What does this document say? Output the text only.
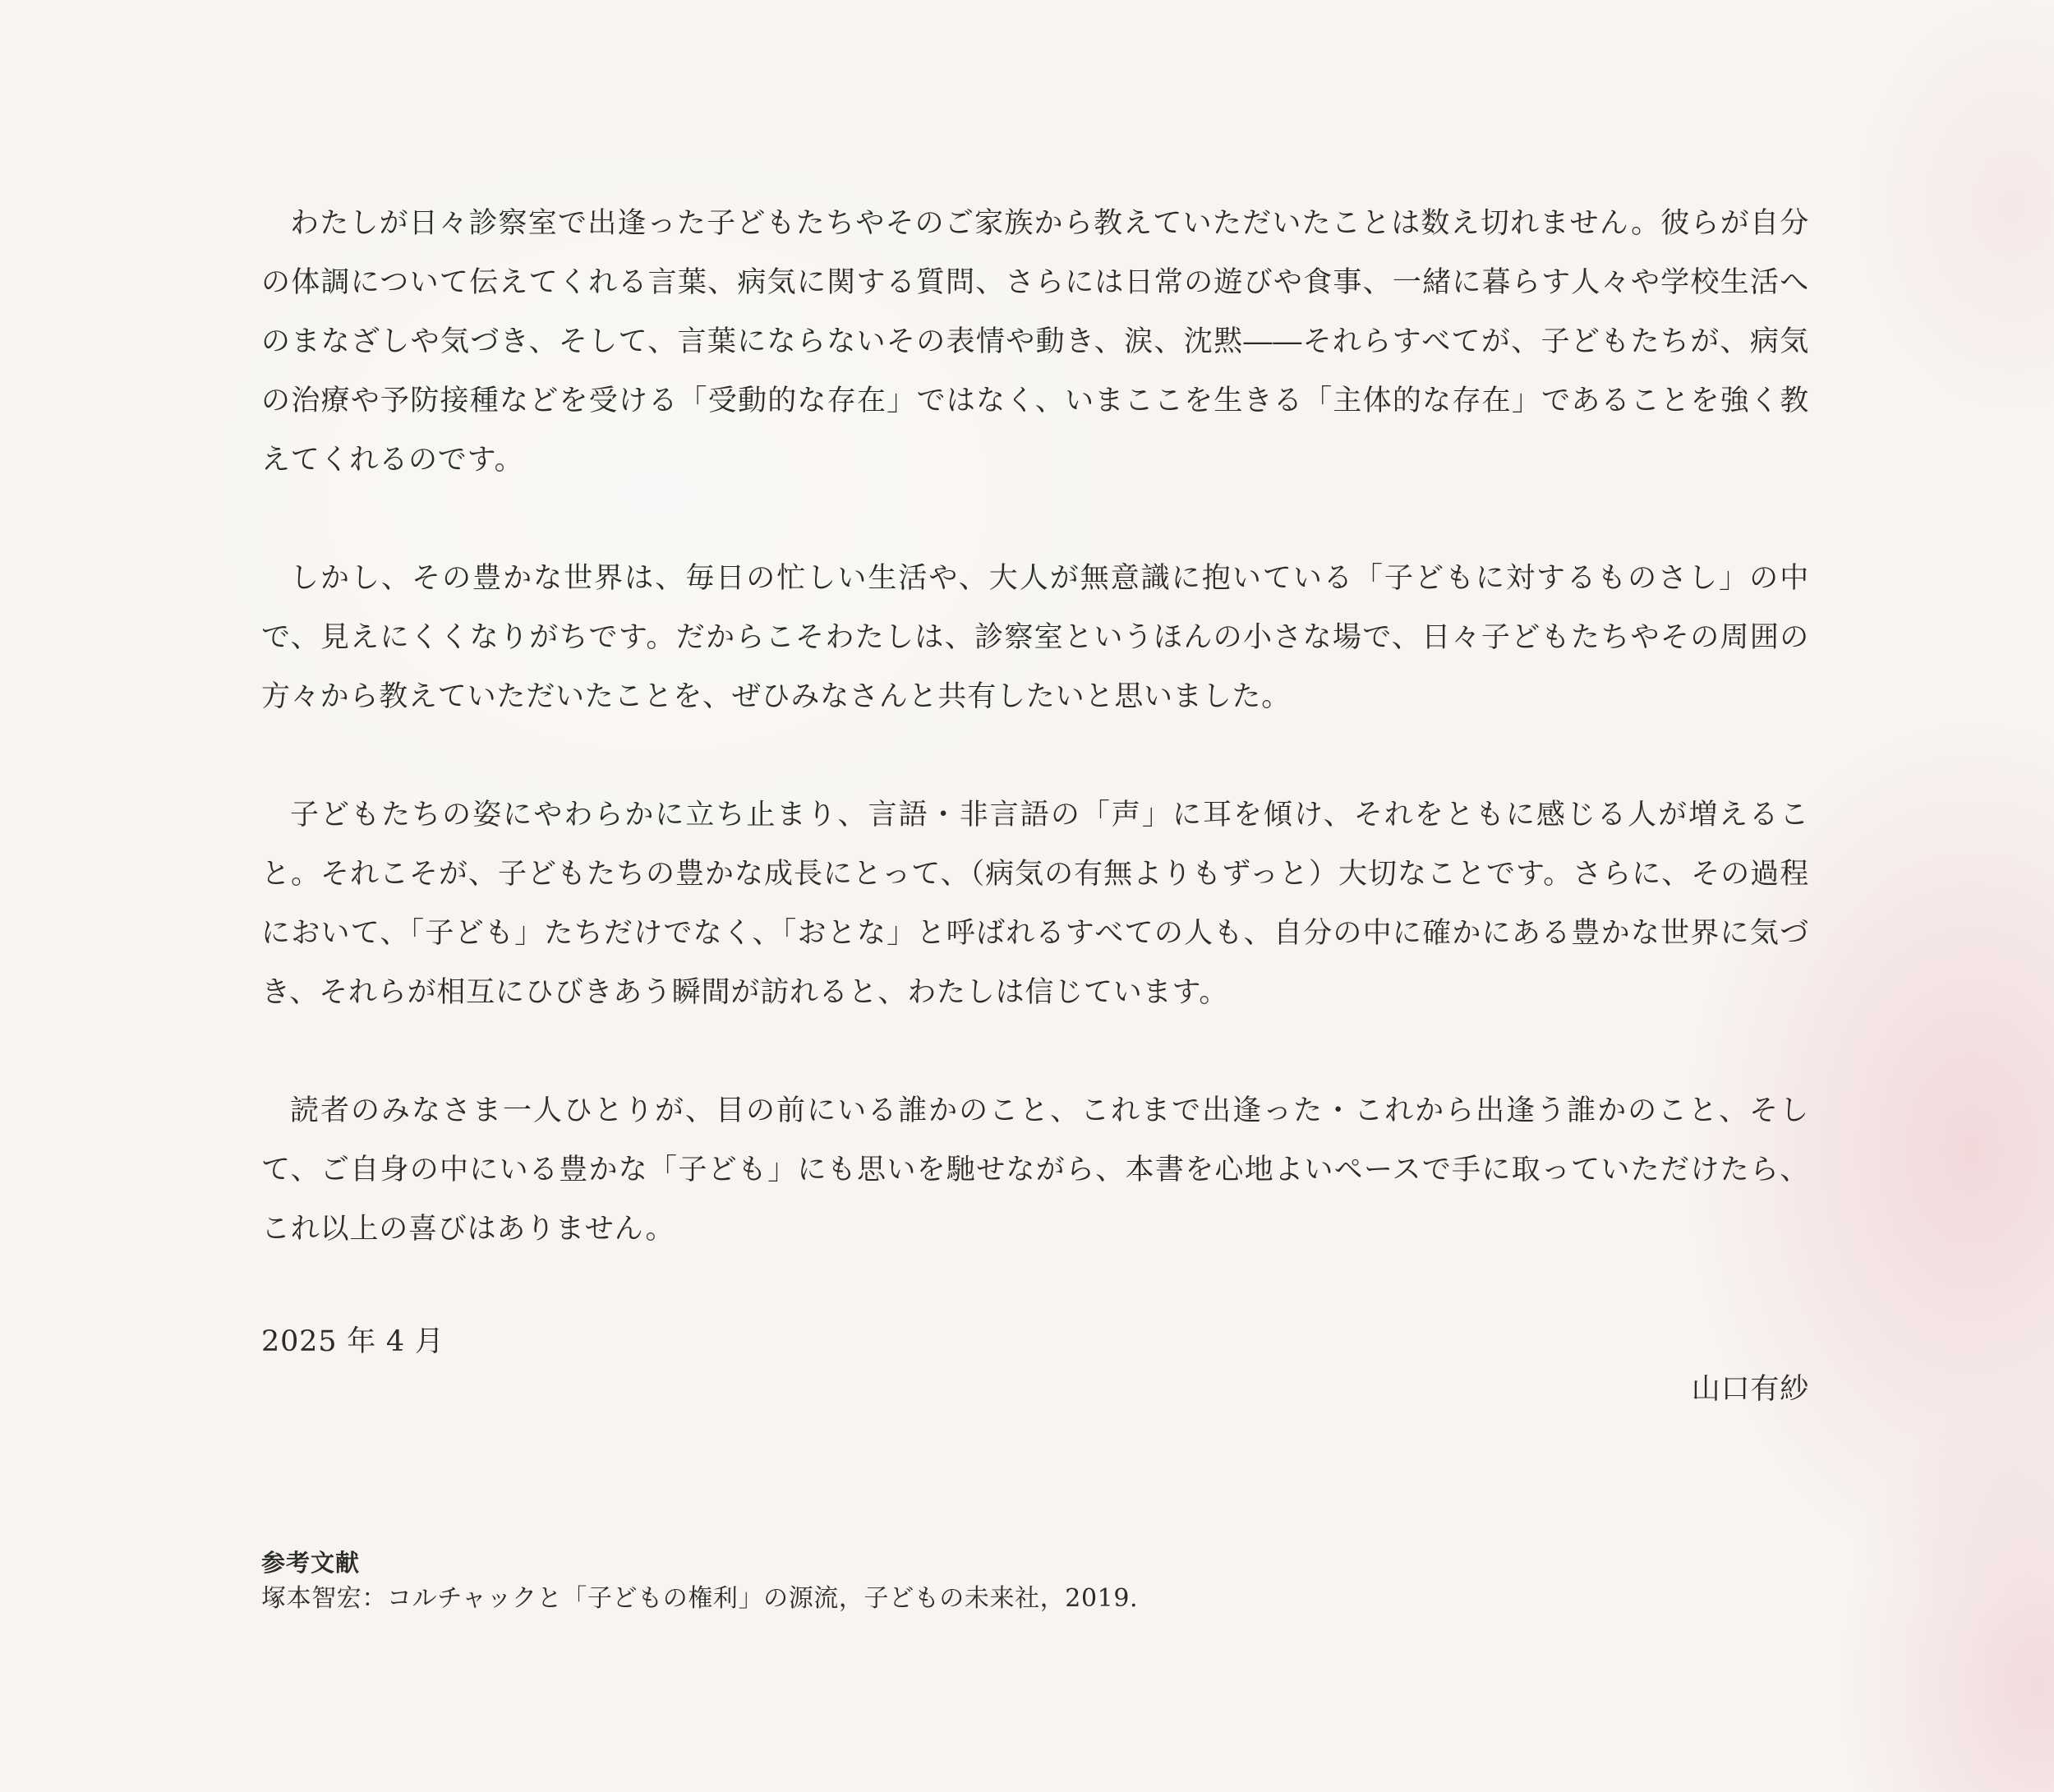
わたしが日々診察室で出逢った子どもたちやそのご家族から教えていただいたことは数え切れません。彼らが自分の体調について伝えてくれる言葉、病気に関する質問、さらには日常の遊びや食事、一緒に暮らす人々や学校生活へのまなざしや気づき、そして、言葉にならないその表情や動き、涙、沈黙――それらすべてが、子どもたちが、病気の治療や予防接種などを受ける「受動的な存在」ではなく、いまここを生きる「主体的な存在」であることを強く教えてくれるのです。

しかし、その豊かな世界は、毎日の忙しい生活や、大人が無意識に抱いている「子どもに対するものさし」の中で、見えにくくなりがちです。だからこそわたしは、診察室というほんの小さな場で、日々子どもたちやその周囲の方々から教えていただいたことを、ぜひみなさんと共有したいと思いました。

子どもたちの姿にやわらかに立ち止まり、言語・非言語の「声」に耳を傾け、それをともに感じる人が増えること。それこそが、子どもたちの豊かな成長にとって、（病気の有無よりもずっと）大切なことです。さらに、その過程において、「子ども」たちだけでなく、「おとな」と呼ばれるすべての人も、自分の中に確かにある豊かな世界に気づき、それらが相互にひびきあう瞬間が訪れると、わたしは信じています。

読者のみなさま一人ひとりが、目の前にいる誰かのこと、これまで出逢った・これから出逢う誰かのこと、そして、ご自身の中にいる豊かな「子ども」にも思いを馳せながら、本書を心地よいペースで手に取っていただけたら、これ以上の喜びはありません。

2025 年 4 月
山口有紗
参考文献
塚本智宏：コルチャックと「子どもの権利」の源流，子どもの未来社，2019.
